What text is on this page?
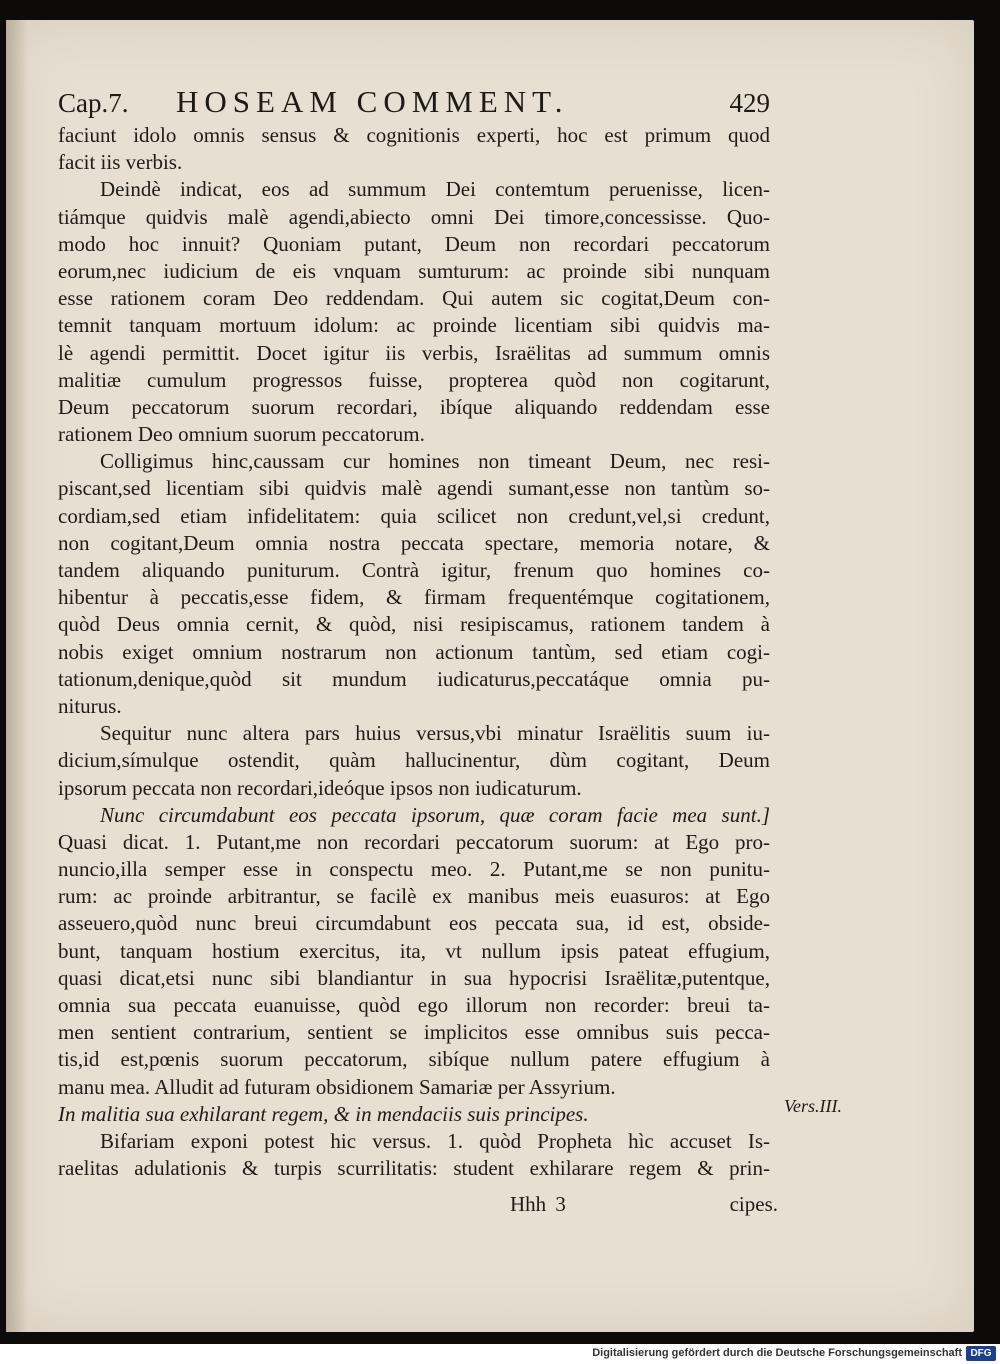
Cap.7. HOSEAM COMMENT.	429
faciunt idolo omnis sensus & cognitionis experti, hoc est primum quod
facit iis verbis.
Deindè indicat, eos ad summum Dei contemtum peruenisse, licen-
tiámque quidvis malè agendi,abiecto omni Dei timore,concessisse. Quo-
modo hoc innuit? Quoniam putant, Deum non recordari peccatorum
eorum,nec iudicium de eis vnquam sumturum: ac proinde sibi nunquam
esse rationem coram Deo reddendam. Qui autem sic cogitat,Deum con-
temnit tanquam mortuum idolum: ac proinde licentiam sibi quidvis ma-
lè agendi permittit. Docet igitur iis verbis, Israëlitas ad summum omnis
malitiæ cumulum progressos fuisse, propterea quòd non cogitarunt,
Deum peccatorum suorum recordari, ibíque aliquando reddendam esse
rationem Deo omnium suorum peccatorum.
Colligimus hinc,caussam cur homines non timeant Deum, nec resi-
piscant,sed licentiam sibi quidvis malè agendi sumant,esse non tantùm so-
cordiam,sed etiam infidelitatem: quia scilicet non credunt,vel,si credunt,
non cogitant,Deum omnia nostra peccata spectare, memoria notare, &
tandem aliquando puniturum. Contrà igitur, frenum quo homines co-
hibentur à peccatis,esse fidem, & firmam frequentémque cogitationem,
quòd Deus omnia cernit, & quòd, nisi resipiscamus, rationem tandem à
nobis exiget omnium nostrarum non actionum tantùm, sed etiam cogi-
tationum,denique,quòd sit mundum iudicaturus,peccatáque omnia pu-
niturus.
Sequitur nunc altera pars huius versus,vbi minatur Israëlitis suum iu-
dicium,símulque ostendit, quàm hallucinentur, dùm cogitant, Deum
ipsorum peccata non recordari,ideóque ipsos non iudicaturum.
Nunc circumdabunt eos peccata ipsorum, quæ coram facie mea sunt.]
Quasi dicat. 1. Putant,me non recordari peccatorum suorum: at Ego pro-
nuncio,illa semper esse in conspectu meo. 2. Putant,me se non punitu-
rum: ac proinde arbitrantur, se facilè ex manibus meis euasuros: at Ego
asseuero,quòd nunc breui circumdabunt eos peccata sua, id est, obside-
bunt, tanquam hostium exercitus, ita, vt nullum ipsis pateat effugium,
quasi dicat,etsi nunc sibi blandiantur in sua hypocrisi Israëlitæ,putentque,
omnia sua peccata euanuisse, quòd ego illorum non recorder: breui ta-
men sentient contrarium, sentient se implicitos esse omnibus suis pecca-
tis,id est,pœnis suorum peccatorum, sibíque nullum patere effugium à
manu mea. Alludit ad futuram obsidionem Samariæ per Assyrium.
In malitia sua exhilarant regem, & in mendaciis suis principes.
Bifariam exponi potest hic versus. 1. quòd Propheta hìc accuset Is-
raelitas adulationis & turpis scurrilitatis: student exhilarare regem & prin-
Vers.III.
Hhh 3	cipes.
Digitalisierung gefördert durch die Deutsche Forschungsgemeinschaft DFG
